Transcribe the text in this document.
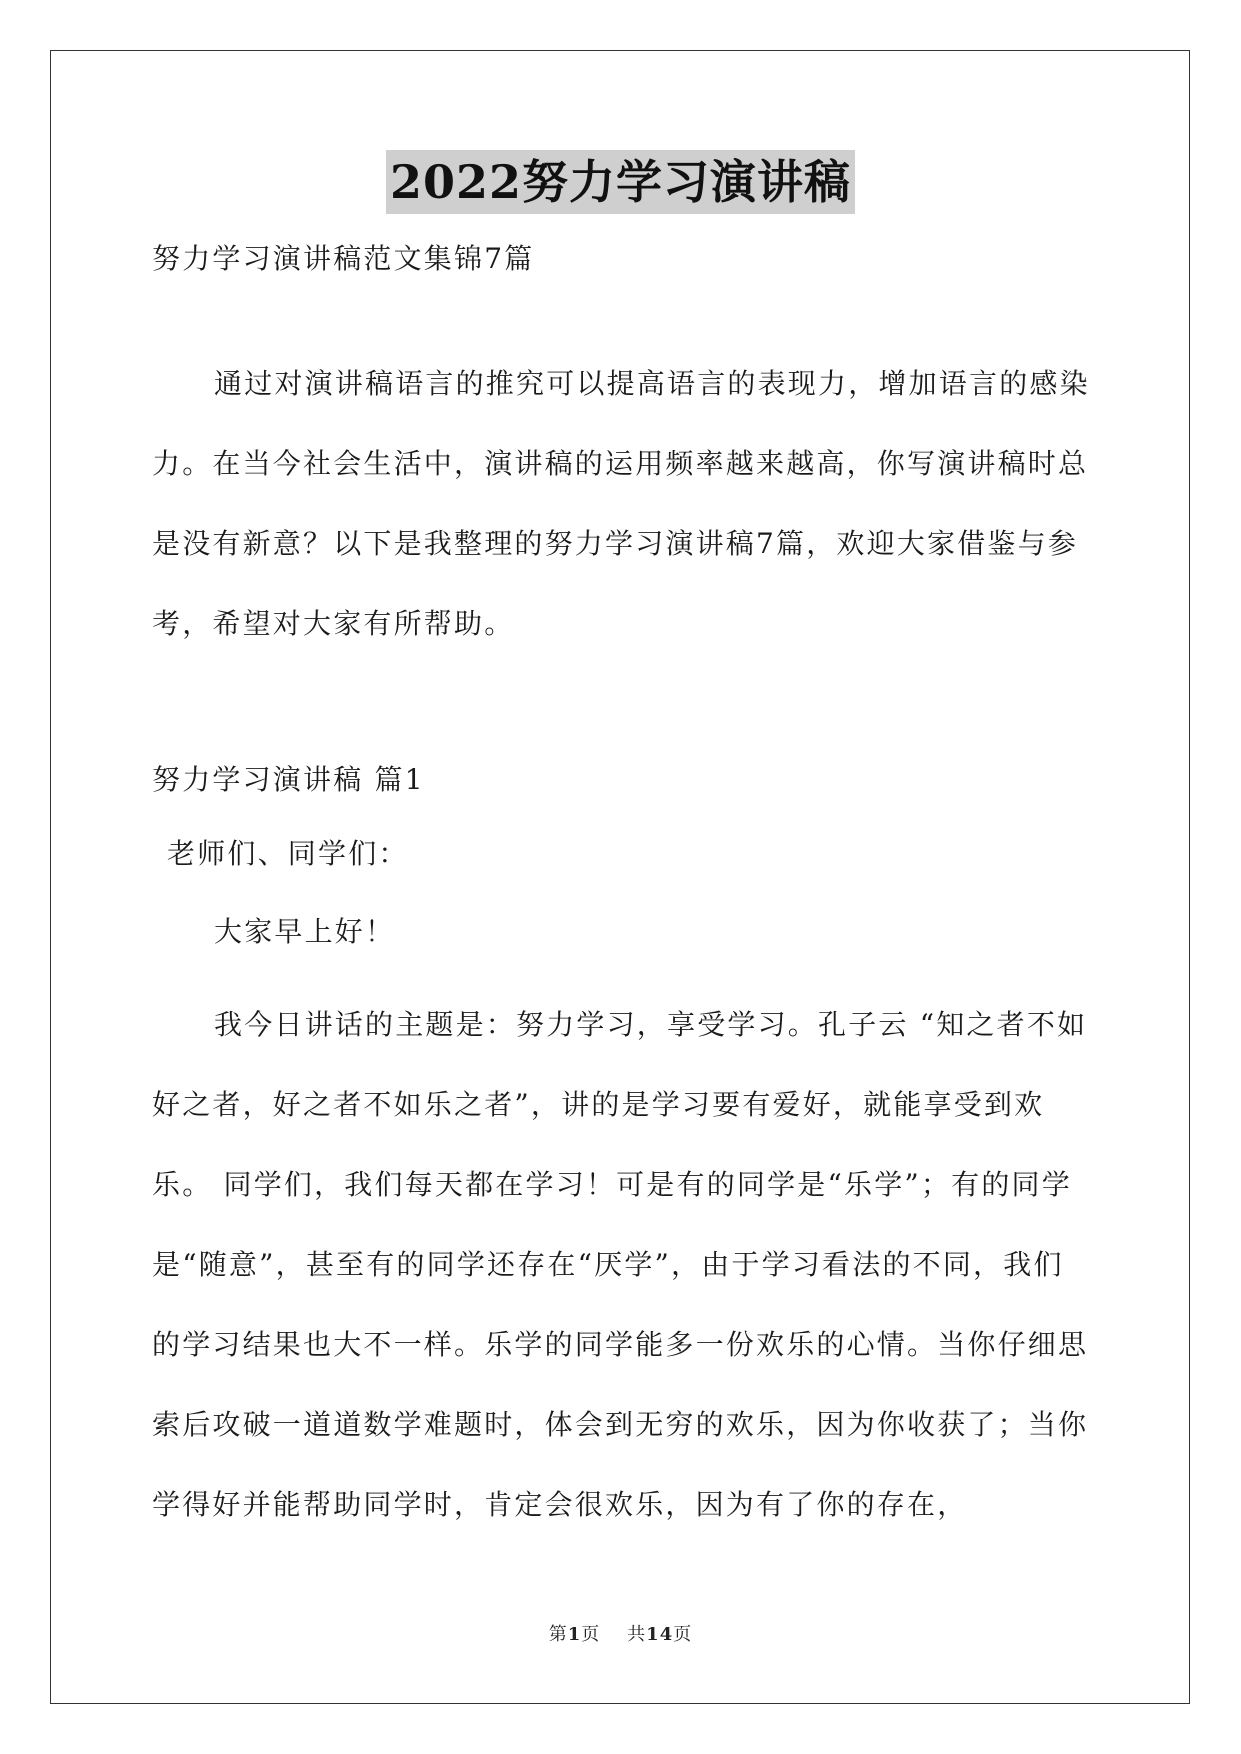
2022努力学习演讲稿
努力学习演讲稿范文集锦7篇
通过对演讲稿语言的推究可以提高语言的表现力，增加语言的感染力。在当今社会生活中，演讲稿的运用频率越来越高，你写演讲稿时总是没有新意？以下是我整理的努力学习演讲稿7篇，欢迎大家借鉴与参考，希望对大家有所帮助。
努力学习演讲稿 篇1
老师们、同学们：
大家早上好！
我今日讲话的主题是：努力学习，享受学习。孔子云 “知之者不如好之者，好之者不如乐之者”，讲的是学习要有爱好，就能享受到欢乐。 同学们，我们每天都在学习！可是有的同学是“乐学”；有的同学是“随意”，甚至有的同学还存在“厌学”，由于学习看法的不同，我们的学习结果也大不一样。乐学的同学能多一份欢乐的心情。当你仔细思索后攻破一道道数学难题时，体会到无穷的欢乐，因为你收获了；当你学得好并能帮助同学时，肯定会很欢乐，因为有了你的存在，
第1页 共14页
